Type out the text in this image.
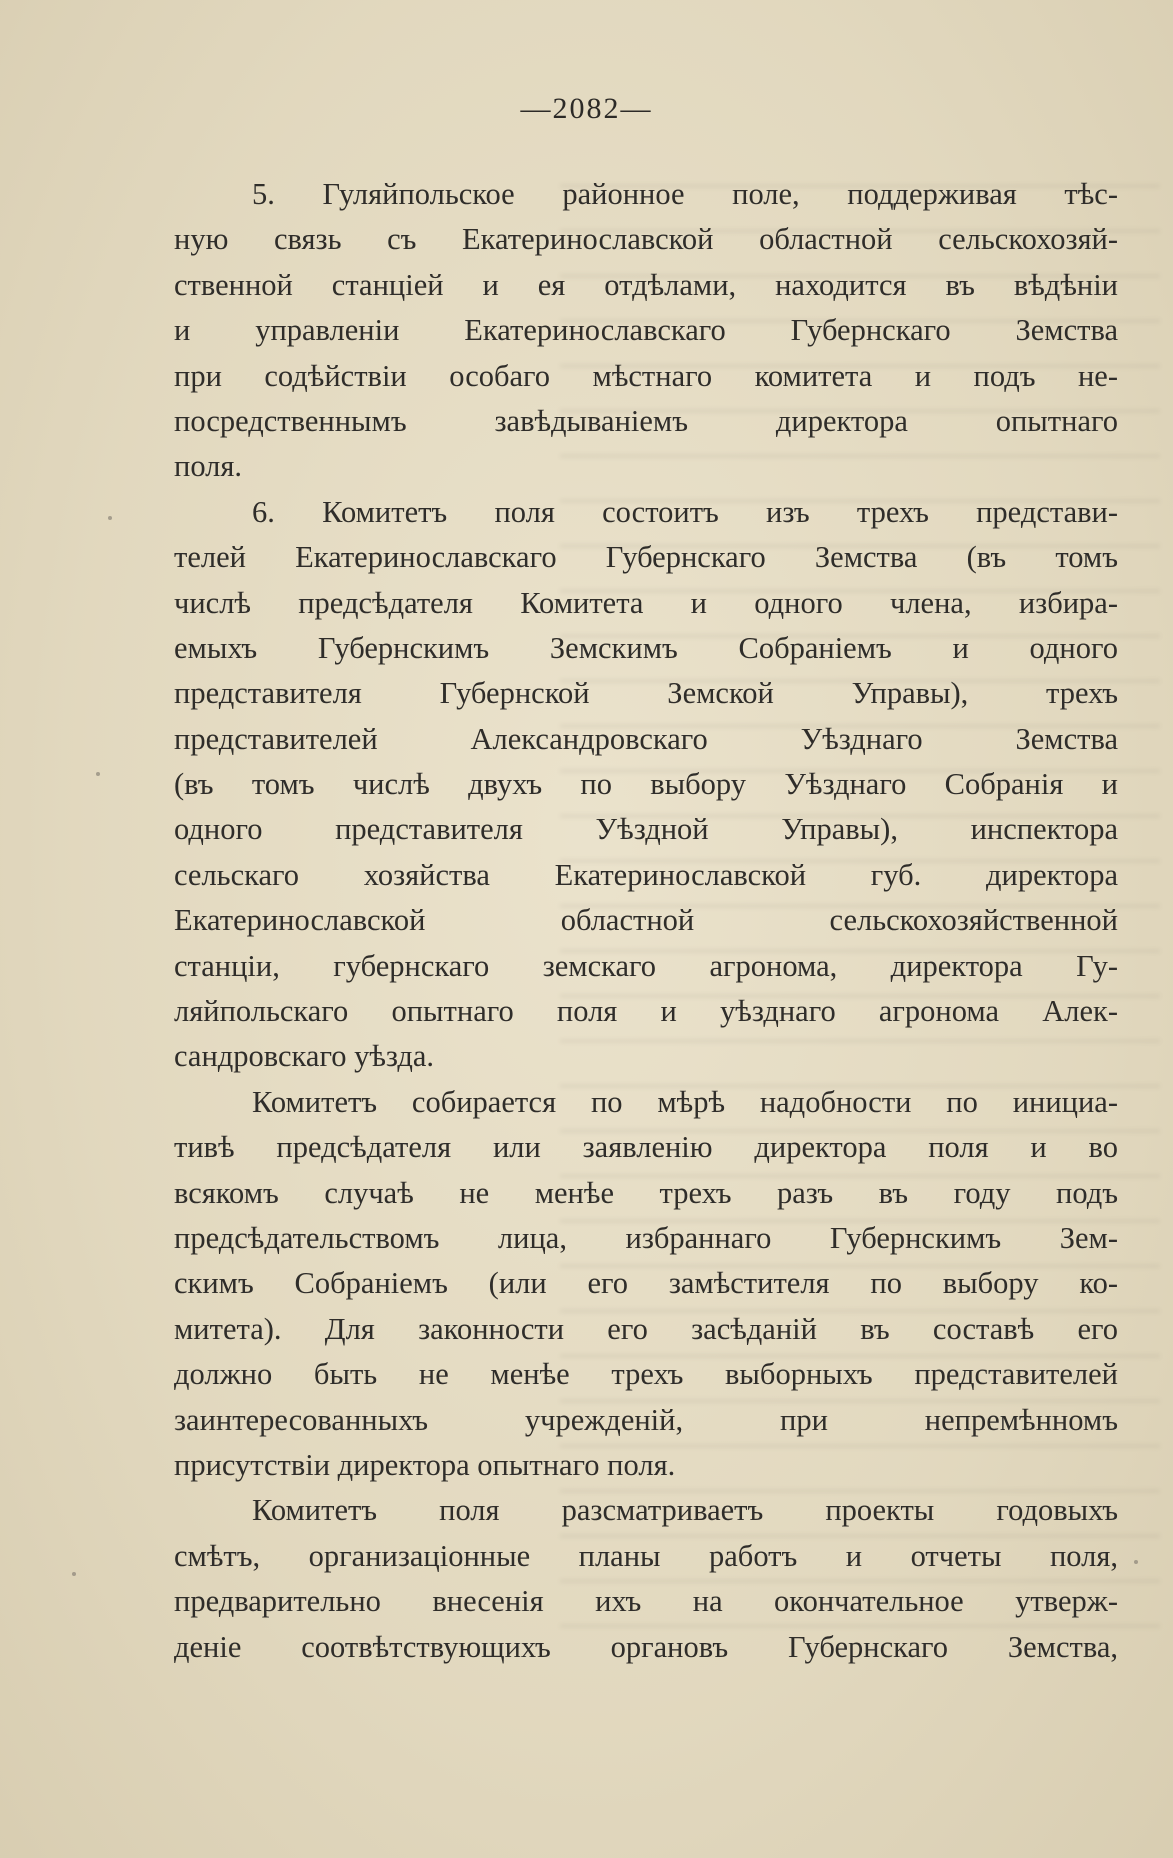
—2082—
5. Гуляйпольское районное поле, поддерживая тѣс-
ную связь съ Екатеринославской областной сельскохозяй-
ственной станціей и ея отдѣлами, находится въ вѣдѣніи
и управленіи Екатеринославскаго Губернскаго Земства
при содѣйствіи особаго мѣстнаго комитета и подъ не-
посредственнымъ завѣдываніемъ директора опытнаго
поля.
6. Комитетъ поля состоитъ изъ трехъ представи-
телей Екатеринославскаго Губернскаго Земства (въ томъ
числѣ предсѣдателя Комитета и одного члена, избира-
емыхъ Губернскимъ Земскимъ Собраніемъ и одного
представителя Губернской Земской Управы), трехъ
представителей Александровскаго Уѣзднаго Земства
(въ томъ числѣ двухъ по выбору Уѣзднаго Собранія и
одного представителя Уѣздной Управы), инспектора
сельскаго хозяйства Екатеринославской губ. директора
Екатеринославской областной сельскохозяйственной
станціи, губернскаго земскаго агронома, директора Гу-
ляйпольскаго опытнаго поля и уѣзднаго агронома Алек-
сандровскаго уѣзда.
Комитетъ собирается по мѣрѣ надобности по инициа-
тивѣ предсѣдателя или заявленію директора поля и во
всякомъ случаѣ не менѣе трехъ разъ въ году подъ
предсѣдательствомъ лица, избраннаго Губернскимъ Зем-
скимъ Собраніемъ (или его замѣстителя по выбору ко-
митета). Для законности его засѣданій въ составѣ его
должно быть не менѣе трехъ выборныхъ представителей
заинтересованныхъ учрежденій, при непремѣнномъ
присутствіи директора опытнаго поля.
Комитетъ поля разсматриваетъ проекты годовыхъ
смѣтъ, организаціонные планы работъ и отчеты поля,
предварительно внесенія ихъ на окончательное утверж-
деніе соотвѣтствующихъ органовъ Губернскаго Земства,
